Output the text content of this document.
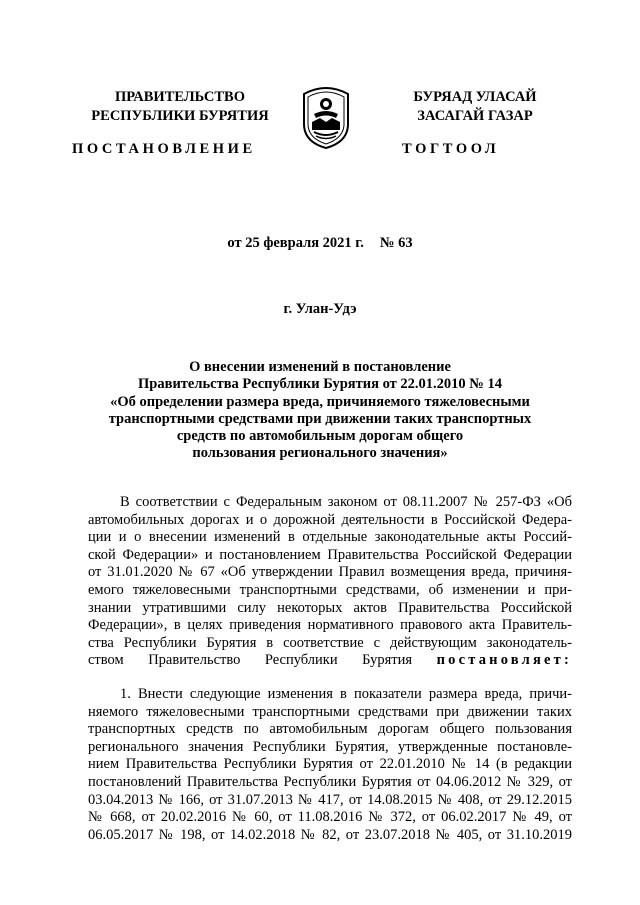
ПРАВИТЕЛЬСТВО
РЕСПУБЛИКИ БУРЯТИЯ
БУРЯАД УЛАСАЙ
ЗАСАГАЙ ГАЗАР
ПОСТАНОВЛЕНИЕ	ТОГТООЛ
от 25 февраля 2021 г. № 63
г. Улан-Удэ
О внесении изменений в постановление
Правительства Республики Бурятия от 22.01.2010 № 14
«Об определении размера вреда, причиняемого тяжеловесными
транспортными средствами при движении таких транспортных
средств по автомобильным дорогам общего
пользования регионального значения»
В соответствии с Федеральным законом от 08.11.2007 № 257-ФЗ «Об
автомобильных дорогах и о дорожной деятельности в Российской Федера-
ции и о внесении изменений в отдельные законодательные акты Россий-
ской Федерации» и постановлением Правительства Российской Федерации
от 31.01.2020 № 67 «Об утверждении Правил возмещения вреда, причиня-
емого тяжеловесными транспортными средствами, об изменении и при-
знании утратившими силу некоторых актов Правительства Российской
Федерации», в целях приведения нормативного правового акта Правитель-
ства Республики Бурятия в соответствие с действующим законодатель-
ством Правительство Республики Бурятия постановляет:
1. Внести следующие изменения в показатели размера вреда, причи-
няемого тяжеловесными транспортными средствами при движении таких
транспортных средств по автомобильным дорогам общего пользования
регионального значения Республики Бурятия, утвержденные постановле-
нием Правительства Республики Бурятия от 22.01.2010 № 14 (в редакции
постановлений Правительства Республики Бурятия от 04.06.2012 № 329, от
03.04.2013 № 166, от 31.07.2013 № 417, от 14.08.2015 № 408, от 29.12.2015
№ 668, от 20.02.2016 № 60, от 11.08.2016 № 372, от 06.02.2017 № 49, от
06.05.2017 № 198, от 14.02.2018 № 82, от 23.07.2018 № 405, от 31.10.2019
